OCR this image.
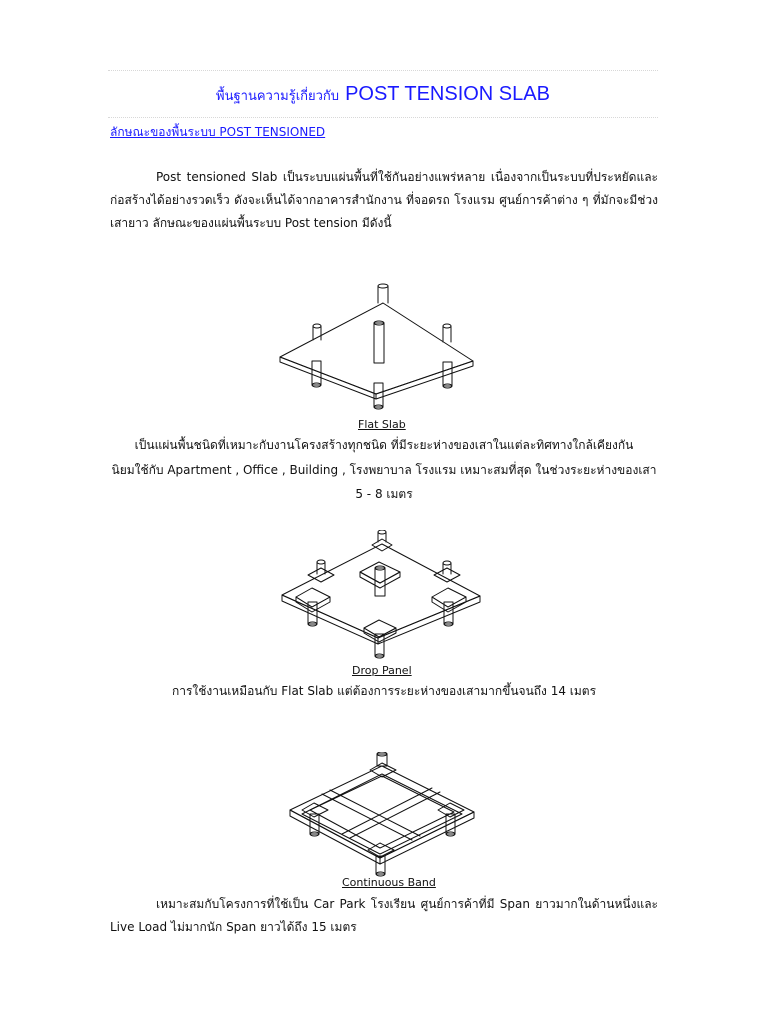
พื้นฐานความรู้เกี่ยวกับ POST TENSION SLAB
ลักษณะของพื้นระบบ POST TENSIONED
Post tensioned Slab เป็นระบบแผ่นพื้นที่ใช้กันอย่างแพร่หลาย เนื่องจากเป็นระบบที่ประหยัดและก่อสร้างได้อย่างรวดเร็ว ดังจะเห็นได้จากอาคารสำนักงาน ที่จอดรถ โรงแรม ศูนย์การค้าต่าง ๆ ที่มักจะมีช่วงเสายาว ลักษณะของแผ่นพื้นระบบ Post tension มีดังนี้
Flat Slab
เป็นแผ่นพื้นชนิดที่เหมาะกับงานโครงสร้างทุกชนิด ที่มีระยะห่างของเสาในแต่ละทิศทางใกล้เคียงกัน
นิยมใช้กับ Apartment , Office , Building , โรงพยาบาล โรงแรม เหมาะสมที่สุด ในช่วงระยะห่างของเสา
5 - 8 เมตร
Drop Panel
การใช้งานเหมือนกับ Flat Slab แต่ต้องการระยะห่างของเสามากขึ้นจนถึง 14 เมตร
Continuous Band
เหมาะสมกับโครงการที่ใช้เป็น Car Park โรงเรียน ศูนย์การค้าที่มี Span ยาวมากในด้านหนึ่งและ Live Load ไม่มากนัก Span ยาวได้ถึง 15 เมตร
